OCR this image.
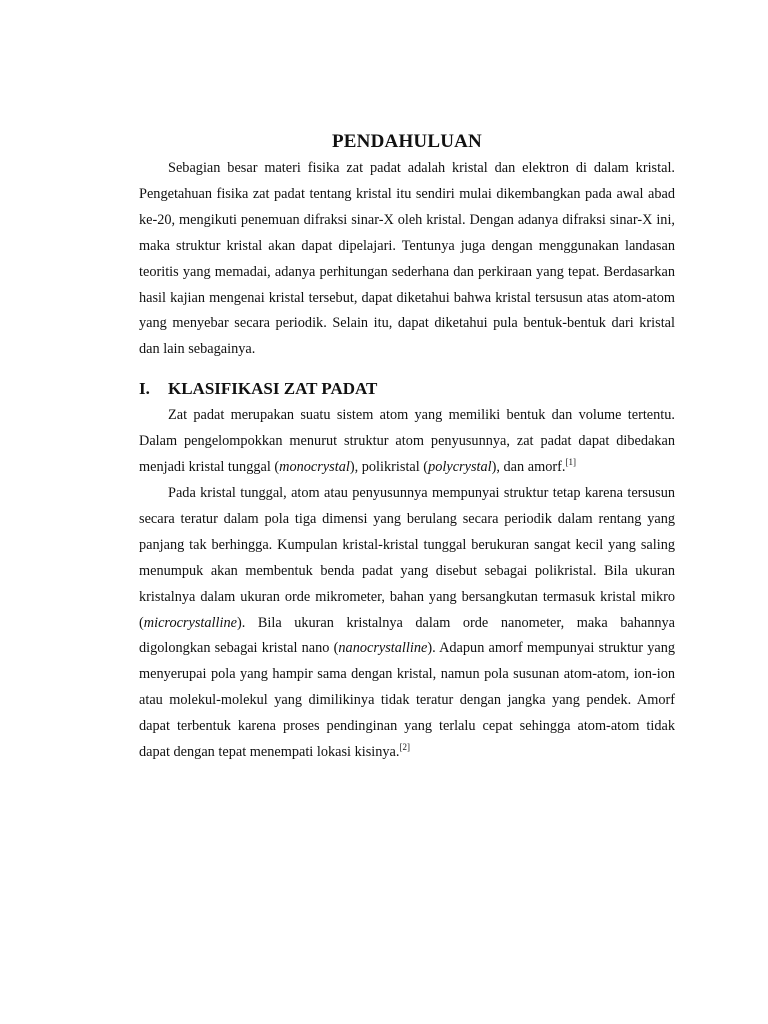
PENDAHULUAN

Sebagian besar materi fisika zat padat adalah kristal dan elektron di dalam kristal. Pengetahuan fisika zat padat tentang kristal itu sendiri mulai dikembangkan pada awal abad ke-20, mengikuti penemuan difraksi sinar-X oleh kristal. Dengan adanya difraksi sinar-X ini, maka struktur kristal akan dapat dipelajari. Tentunya juga dengan menggunakan landasan teoritis yang memadai, adanya perhitungan sederhana dan perkiraan yang tepat. Berdasarkan hasil kajian mengenai kristal tersebut, dapat diketahui bahwa kristal tersusun atas atom-atom yang menyebar secara periodik. Selain itu, dapat diketahui pula bentuk-bentuk dari kristal dan lain sebagainya.

I.	KLASIFIKASI ZAT PADAT

Zat padat merupakan suatu sistem atom yang memiliki bentuk dan volume tertentu. Dalam pengelompokkan menurut struktur atom penyusunnya, zat padat dapat dibedakan menjadi kristal tunggal (monocrystal), polikristal (polycrystal), dan amorf.[1]

Pada kristal tunggal, atom atau penyusunnya mempunyai struktur tetap karena tersusun secara teratur dalam pola tiga dimensi yang berulang secara periodik dalam rentang yang panjang tak berhingga. Kumpulan kristal-kristal tunggal berukuran sangat kecil yang saling menumpuk akan membentuk benda padat yang disebut sebagai polikristal. Bila ukuran kristalnya dalam ukuran orde mikrometer, bahan yang bersangkutan termasuk kristal mikro (microcrystalline). Bila ukuran kristalnya dalam orde nanometer, maka bahannya digolongkan sebagai kristal nano (nanocrystalline). Adapun amorf mempunyai struktur yang menyerupai pola yang hampir sama dengan kristal, namun pola susunan atom-atom, ion-ion atau molekul-molekul yang dimilikinya tidak teratur dengan jangka yang pendek. Amorf dapat terbentuk karena proses pendinginan yang terlalu cepat sehingga atom-atom tidak dapat dengan tepat menempati lokasi kisinya.[2]
